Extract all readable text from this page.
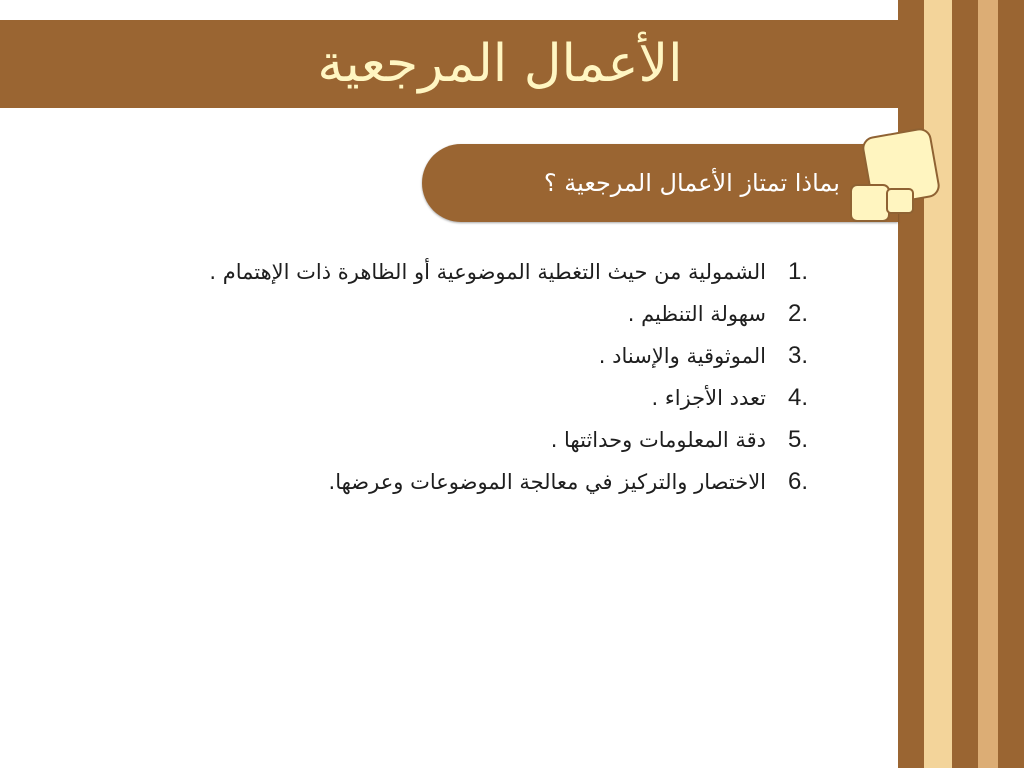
الأعمال المرجعية
بماذا تمتاز الأعمال المرجعية ؟
1.
الشمولية من حيث التغطية الموضوعية أو الظاهرة ذات الإهتمام .
2.
سهولة التنظيم .
3.
الموثوقية والإسناد .
4.
تعدد الأجزاء .
5.
دقة المعلومات وحداثتها .
6.
الاختصار والتركيز في معالجة الموضوعات وعرضها.
